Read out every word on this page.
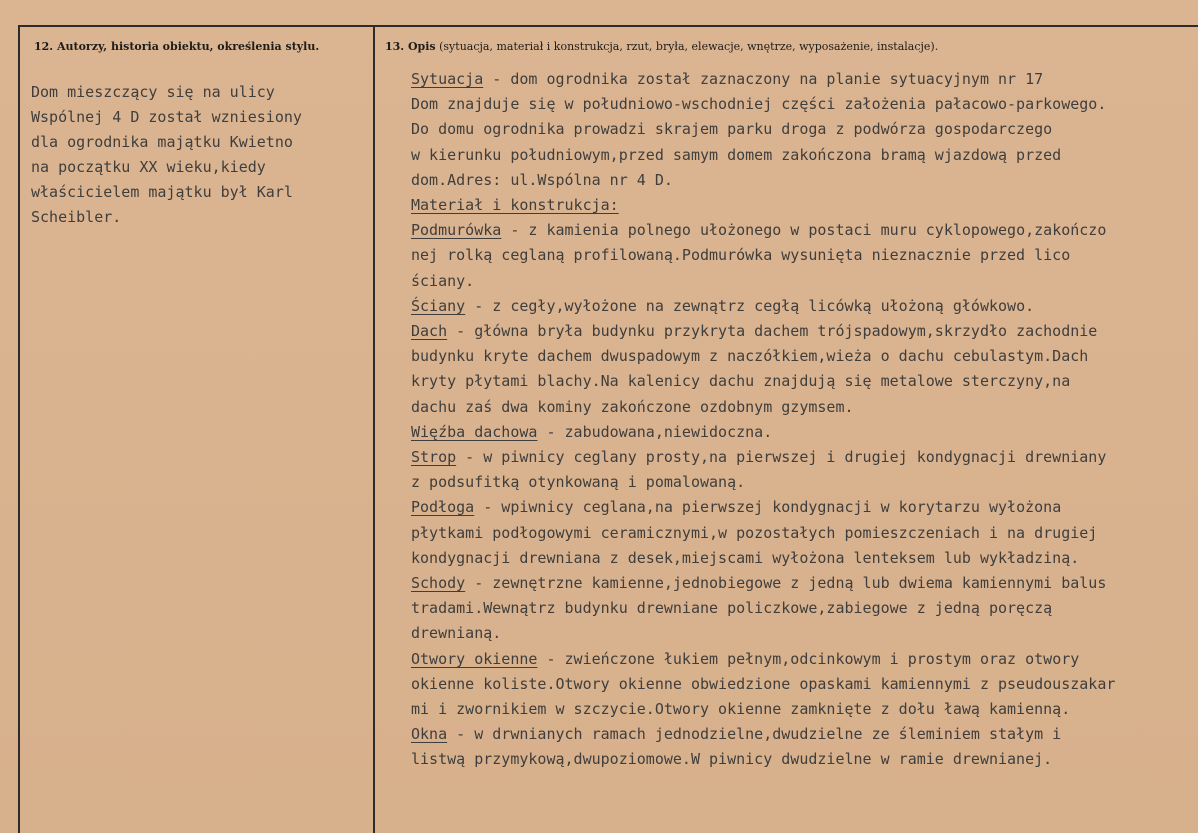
12. Autorzy, historia obiektu, określenia stylu.	13. Opis (sytuacja, materiał i konstrukcja, rzut, bryła, elewacje, wnętrze, wyposażenie, instalacje).
Dom mieszczący się na ulicy
Wspólnej 4 D został wzniesiony
dla ogrodnika majątku Kwietno
na początku XX wieku,kiedy
właścicielem majątku był Karl
Scheibler.
Sytuacja - dom ogrodnika został zaznaczony na planie sytuacyjnym nr 17
Dom znajduje się w południowo-wschodniej części założenia pałacowo-parkowego.
Do domu ogrodnika prowadzi skrajem parku droga z podwórza gospodarczego
w kierunku południowym,przed samym domem zakończona bramą wjazdową przed
dom.Adres: ul.Wspólna nr 4 D.
Materiał i konstrukcja:
Podmurówka - z kamienia polnego ułożonego w postaci muru cyklopowego,zakończo
nej rolką ceglaną profilowaną.Podmurówka wysunięta nieznacznie przed lico
ściany.
Ściany - z cegły,wyłożone na zewnątrz cegłą licówką ułożoną główkowo.
Dach - główna bryła budynku przykryta dachem trójspadowym,skrzydło zachodnie
budynku kryte dachem dwuspadowym z naczółkiem,wieża o dachu cebulastym.Dach
kryty płytami blachy.Na kalenicy dachu znajdują się metalowe sterczyny,na
dachu zaś dwa kominy zakończone ozdobnym gzymsem.
Więźba dachowa - zabudowana,niewidoczna.
Strop - w piwnicy ceglany prosty,na pierwszej i drugiej kondygnacji drewniany
z podsufitką otynkowaną i pomalowaną.
Podłoga - wpiwnicy ceglana,na pierwszej kondygnacji w korytarzu wyłożona
płytkami podłogowymi ceramicznymi,w pozostałych pomieszczeniach i na drugiej
kondygnacji drewniana z desek,miejscami wyłożona lenteksem lub wykładziną.
Schody - zewnętrzne kamienne,jednobiegowe z jedną lub dwiema kamiennymi balus
tradami.Wewnątrz budynku drewniane policzkowe,zabiegowe z jedną poręczą
drewnianą.
Otwory okienne - zwieńczone łukiem pełnym,odcinkowym i prostym oraz otwory
okienne koliste.Otwory okienne obwiedzione opaskami kamiennymi z pseudouszakar
mi i zwornikiem w szczycie.Otwory okienne zamknięte z dołu ławą kamienną.
Okna - w drwnianych ramach jednodzielne,dwudzielne ze śleminiem stałym i
listwą przymykową,dwupoziomowe.W piwnicy dwudzielne w ramie drewnianej.
